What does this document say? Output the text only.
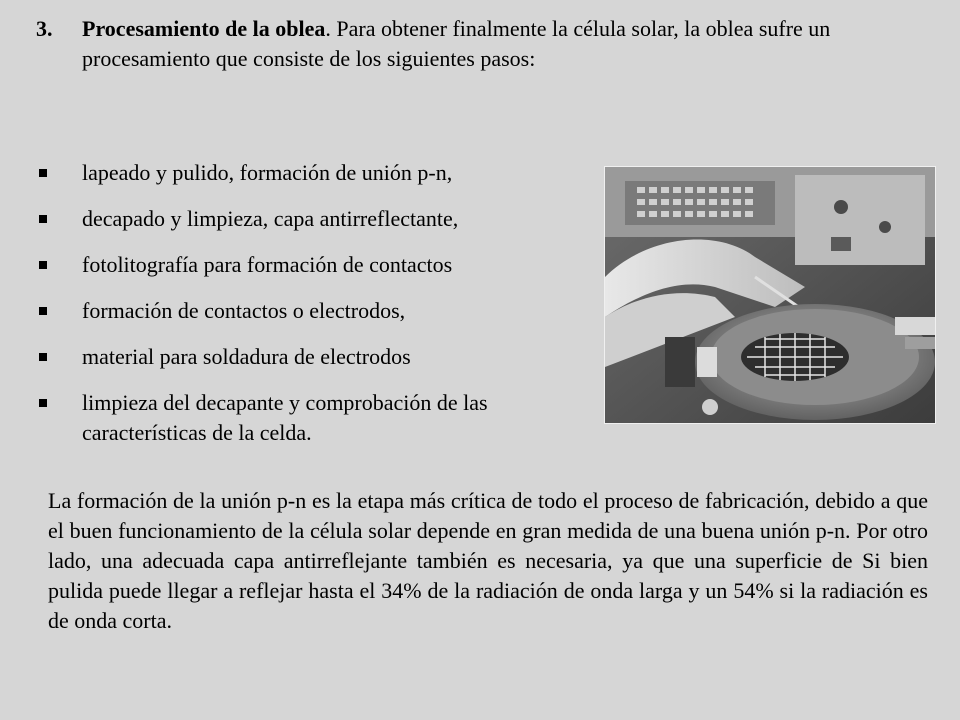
3. Procesamiento de la oblea. Para obtener finalmente la célula solar, la oblea sufre un procesamiento que consiste de los siguientes pasos:
lapeado y pulido, formación de unión p-n,
decapado y limpieza, capa antirreflectante,
fotolitografía para formación de contactos
formación de contactos o electrodos,
material para soldadura de electrodos
limpieza del decapante y comprobación de las características de la celda.

La formación de la unión p-n es la etapa más crítica de todo el proceso de fabricación, debido a que el buen funcionamiento de la célula solar depende en gran medida de una buena unión p-n. Por otro lado, una adecuada capa antirreflejante también es necesaria, ya que una superficie de Si bien pulida puede llegar a reflejar hasta el 34% de la radiación de onda larga y un 54% si la radiación es de onda corta.
